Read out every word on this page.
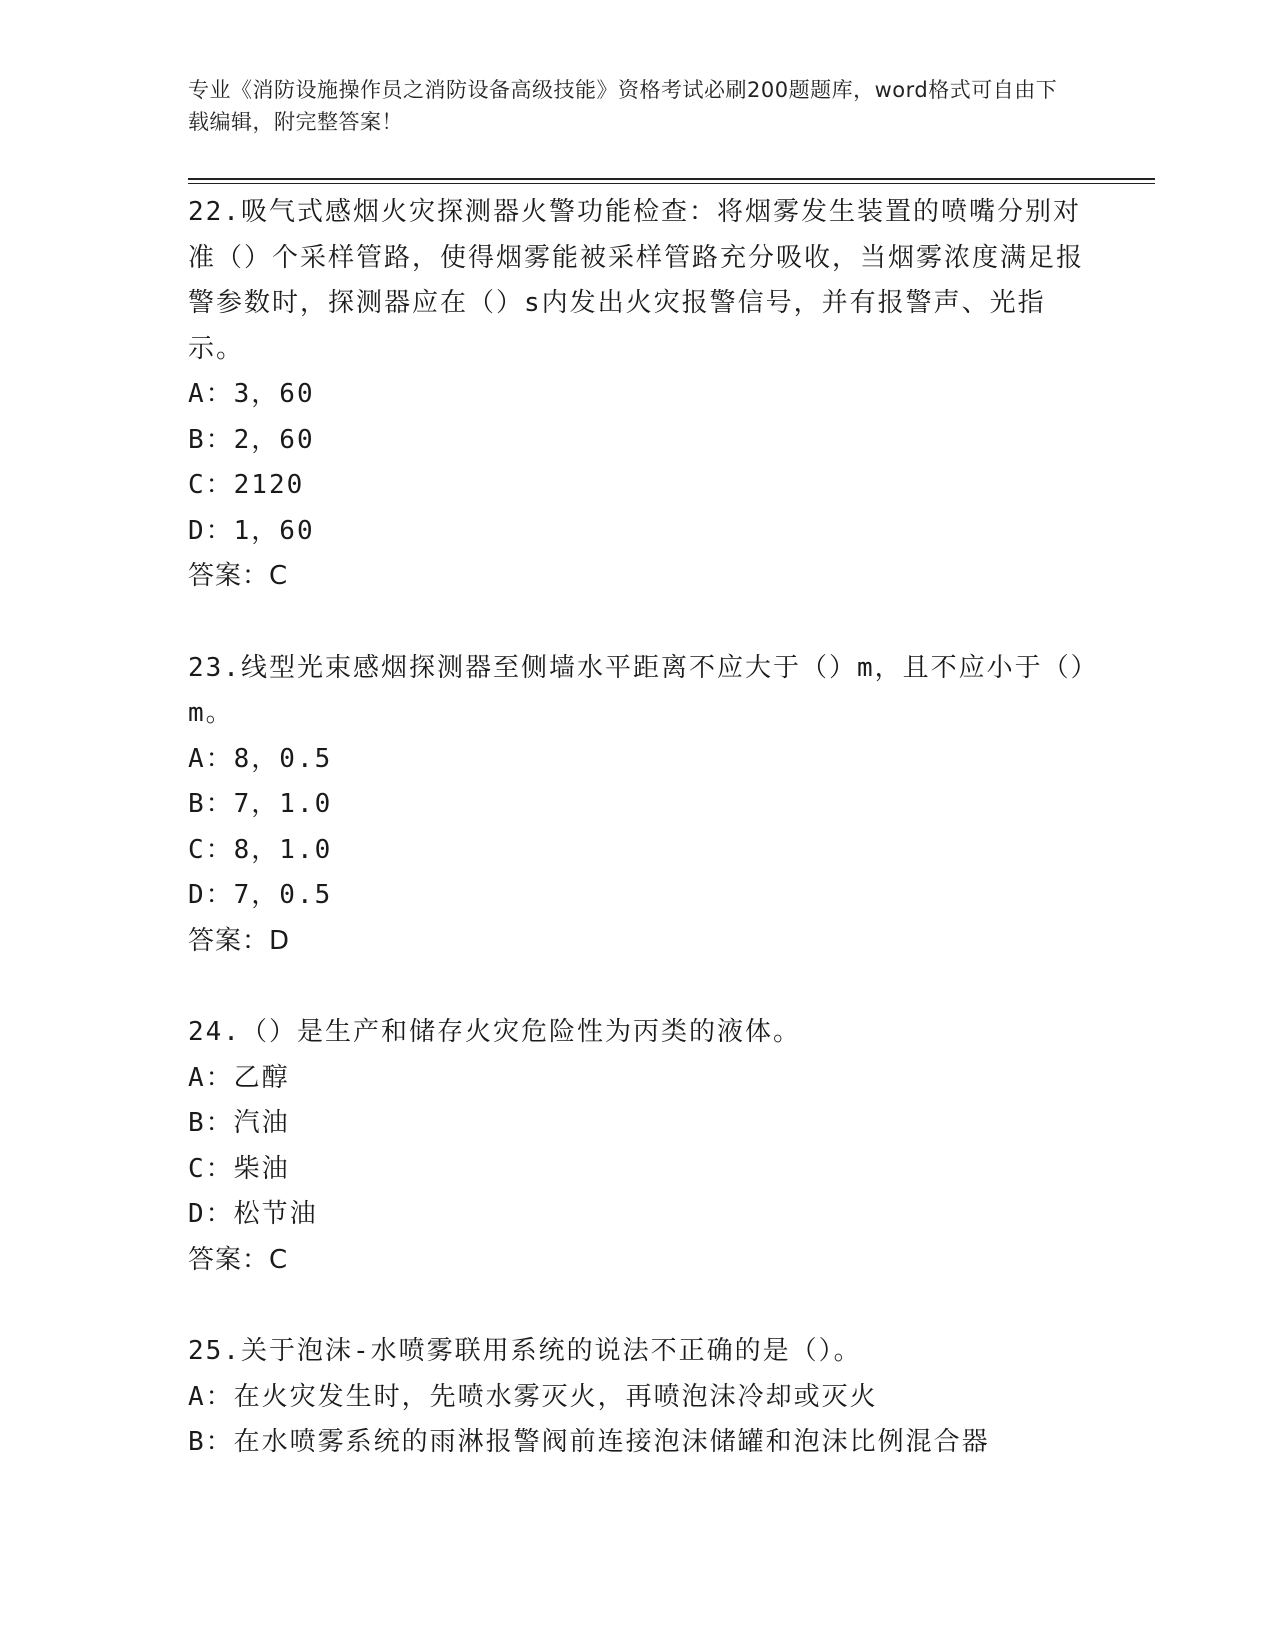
专业《消防设施操作员之消防设备高级技能》资格考试必刷200题题库，word格式可自由下载编辑，附完整答案！

22.吸气式感烟火灾探测器火警功能检查：将烟雾发生装置的喷嘴分别对准（）个采样管路，使得烟雾能被采样管路充分吸收，当烟雾浓度满足报警参数时，探测器应在（）s内发出火灾报警信号，并有报警声、光指示。

A：3，60

B：2，60

C：2120

D：1，60

答案：C

23.线型光束感烟探测器至侧墙水平距离不应大于（）m，且不应小于（）m。

A：8，0.5

B：7，1.0

C：8，1.0

D：7，0.5

答案：D

24.（）是生产和储存火灾危险性为丙类的液体。

A：乙醇

B：汽油

C：柴油

D：松节油

答案：C

25.关于泡沫-水喷雾联用系统的说法不正确的是（）。

A：在火灾发生时，先喷水雾灭火，再喷泡沫冷却或灭火

B：在水喷雾系统的雨淋报警阀前连接泡沫储罐和泡沫比例混合器
